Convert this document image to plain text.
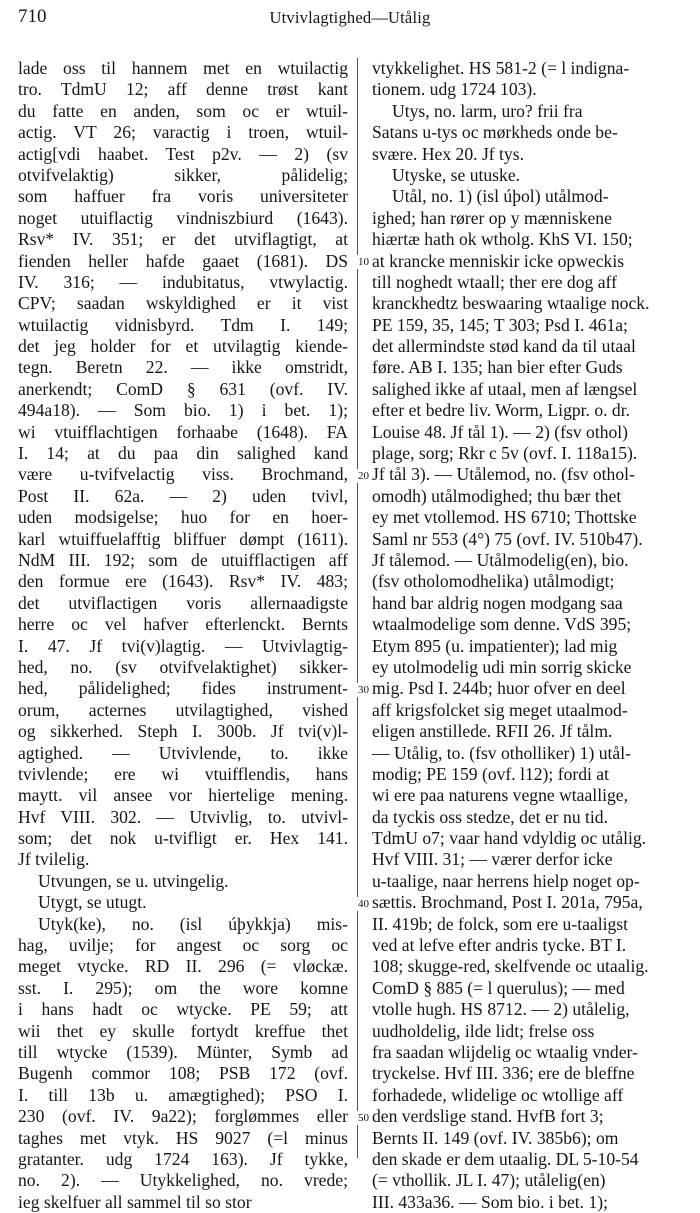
710	Utvivlagtighed—Utålig
lade oss til hannem met en wtuilactig
tro. TdmU 12; aff denne trøst kant
du fatte en anden, som oc er wtuil-
actig. VT 26; varactig i troen, wtuil-
actig[vdi haabet. Test p2v. — 2) (sv
otvifvelaktig) sikker, pålidelig;
som haffuer fra voris universiteter
noget utuiflactig vindniszbiurd (1643).
Rsv* IV. 351; er det utviflagtigt, at
fienden heller hafde gaaet (1681). DS
IV. 316; — indubitatus, vtwylactig.
CPV; saadan wskyldighed er it vist
wtuilactig vidnisbyrd. Tdm I. 149;
det jeg holder for et utvilagtig kiende-
tegn. Beretn 22. — ikke omstridt,
anerkendt; ComD § 631 (ovf. IV.
494a18). — Som bio. 1) i bet. 1);
wi vtuifflachtigen forhaabe (1648). FA
I. 14; at du paa din salighed kand
være u-tvifvelactig viss. Brochmand,
Post II. 62a. — 2) uden tvivl,
uden modsigelse; huo for en hoer-
karl wtuiffuelafftig bliffuer dømpt (1611).
NdM III. 192; som de utuifflactigen aff
den formue ere (1643). Rsv* IV. 483;
det utviflactigen voris allernaadigste
herre oc vel hafver efterlenckt. Bernts
I. 47. Jf tvi(v)lagtig. — Utvivlagtig-
hed, no. (sv otvifvelaktighet) sikker-
hed, pålidelighed; fides instrument-
orum, acternes utvilagtighed, vished
og sikkerhed. Steph I. 300b. Jf tvi(v)l-
agtighed. — Utvivlende, to. ikke
tvivlende; ere wi vtuifflendis, hans
maytt. vil ansee vor hiertelige mening.
Hvf VIII. 302. — Utvivlig, to. utvivl-
som; det nok u-tvifligt er. Hex 141.
Jf tvilelig.
Utvungen, se u. utvingelig.
Utygt, se utugt.
Utyk(ke), no. (isl úþykkja) mis-
hag, uvilje; for angest oc sorg oc
meget vtycke. RD II. 296 (= vløckæ.
sst. I. 295); om the wore komne
i hans hadt oc wtycke. PE 59; att
wii thet ey skulle fortydt kreffue thet
till wtycke (1539). Münter, Symb ad
Bugenh commor 108; PSB 172 (ovf.
I. till 13b u. amægtighed); PSO I.
230 (ovf. IV. 9a22); forglømmes eller
taghes met vtyk. HS 9027 (=l minus
gratanter. udg 1724 163). Jf tykke,
no. 2). — Utykkelighed, no. vrede;
ieg skelfuer all sammel til so stor
10
20
30
40
50
vtykkelighet. HS 581-2 (= l indigna-
tionem. udg 1724 103).
Utys, no. larm, uro? frii fra
Satans u-tys oc mørkheds onde be-
svære. Hex 20. Jf tys.
Utyske, se utuske.
Utål, no. 1) (isl úþol) utålmod-
ighed; han rører op y mænniskene
hiærtæ hath ok wtholg. KhS VI. 150;
at krancke menniskir icke opweckis
till noghedt wtaall; ther ere dog aff
kranckhedtz beswaaring wtaalige nock.
PE 159, 35, 145; T 303; Psd I. 461a;
det allermindste stød kand da til utaal
føre. AB I. 135; han bier efter Guds
salighed ikke af utaal, men af længsel
efter et bedre liv. Worm, Ligpr. o. dr.
Louise 48. Jf tål 1). — 2) (fsv othol)
plage, sorg; Rkr c 5v (ovf. I. 118a15).
Jf tål 3). — Utålemod, no. (fsv othol-
omodh) utålmodighed; thu bær thet
ey met vtollemod. HS 6710; Thottske
Saml nr 553 (4°) 75 (ovf. IV. 510b47).
Jf tålemod. — Utålmodelig(en), bio.
(fsv otholomodhelika) utålmodigt;
hand bar aldrig nogen modgang saa
wtaalmodelige som denne. VdS 395;
Etym 895 (u. impatienter); lad mig
ey utolmodelig udi min sorrig skicke
mig. Psd I. 244b; huor ofver en deel
aff krigsfolcket sig meget utaalmod-
eligen anstillede. RFII 26. Jf tålm.
— Utålig, to. (fsv otholliker) 1) utål-
modig; PE 159 (ovf. l12); fordi at
wi ere paa naturens vegne wtaallige,
da tyckis oss stedze, det er nu tid.
TdmU o7; vaar hand vdyldig oc utålig.
Hvf VIII. 31; — værer derfor icke
u-taalige, naar herrens hielp noget op-
sættis. Brochmand, Post I. 201a, 795a,
II. 419b; de folck, som ere u-taaligst
ved at lefve efter andris tycke. BT I.
108; skugge-red, skelfvende oc utaalig.
ComD § 885 (= l querulus); — med
vtolle hugh. HS 8712. — 2) utålelig,
uudholdelig, ilde lidt; frelse oss
fra saadan wlijdelig oc wtaalig vnder-
tryckelse. Hvf III. 336; ere de bleffne
forhadede, wlidelige oc wtollige aff
den verdslige stand. HvfB fort 3;
Bernts II. 149 (ovf. IV. 385b6); om
den skade er dem utaalig. DL 5-10-54
(= vthollik. JL I. 47); utålelig(en)
III. 433a36. — Som bio. i bet. 1);
